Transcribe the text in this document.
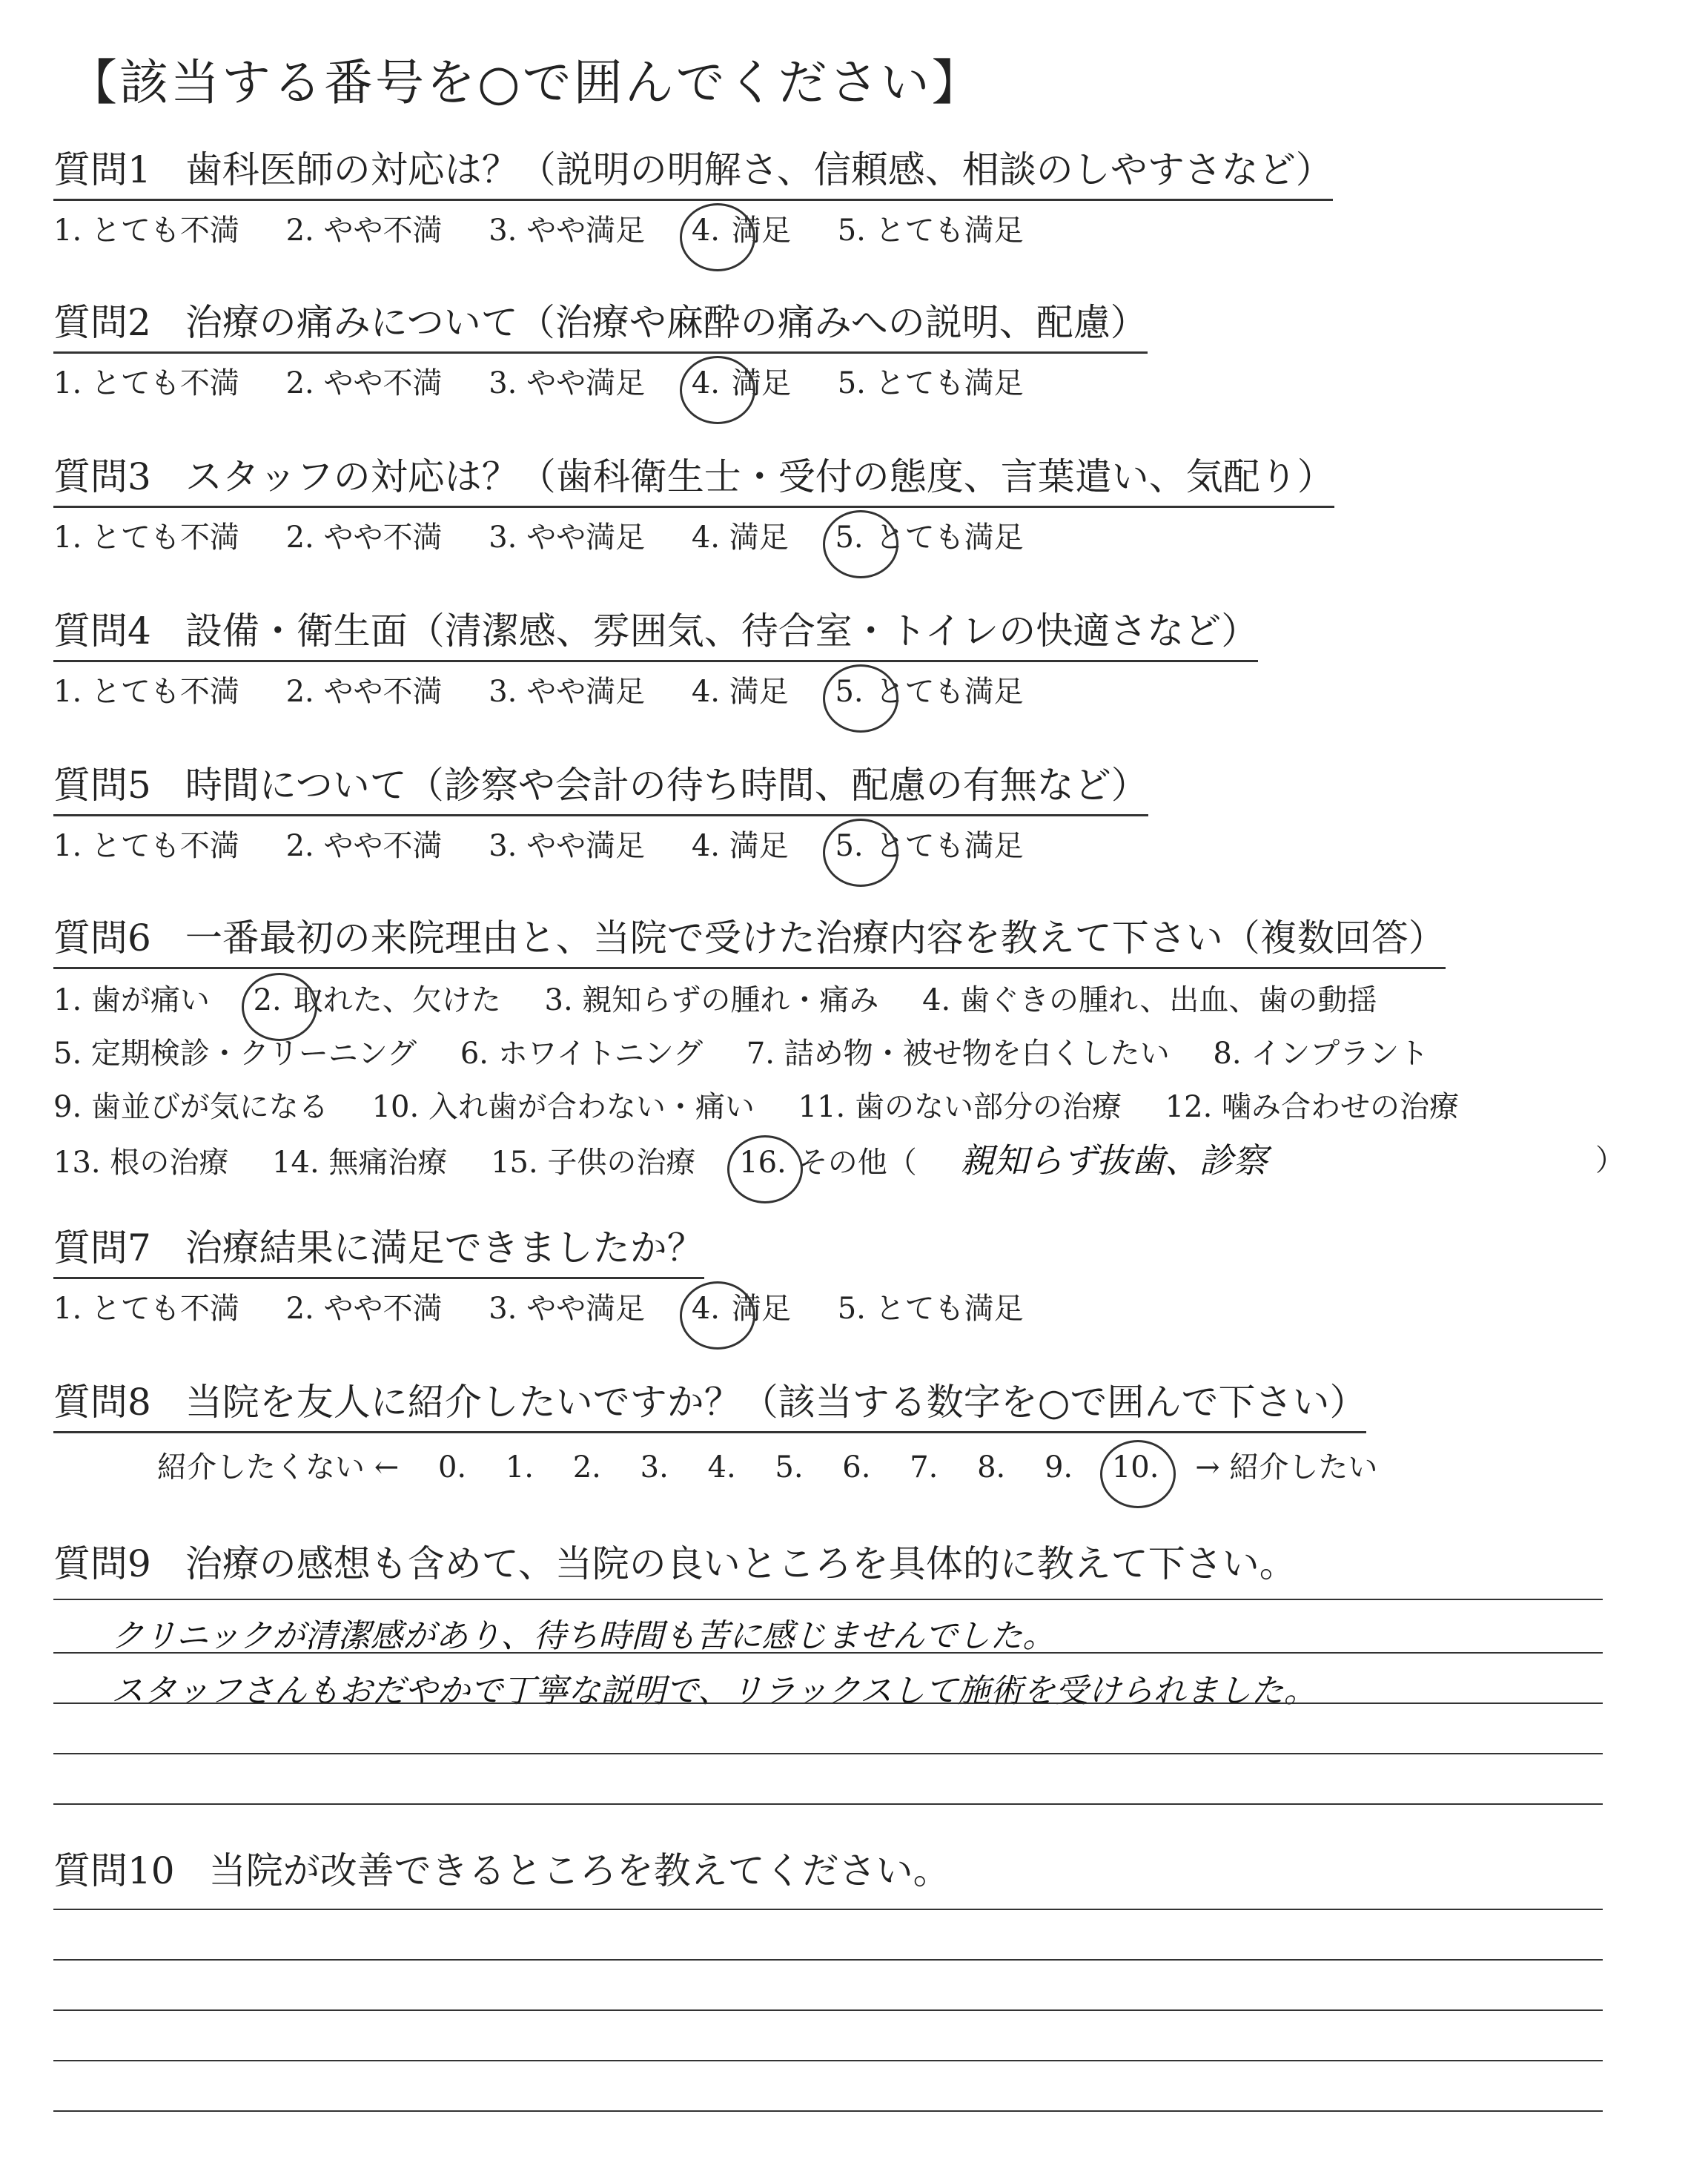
【該当する番号を○で囲んでください】
質問1 歯科医師の対応は？（説明の明解さ、信頼感、相談のしやすさなど）
1. とても不満 2. やや不満 3. やや満足 4. 満足 5. とても満足
質問2 治療の痛みについて（治療や麻酔の痛みへの説明、配慮）
1. とても不満 2. やや不満 3. やや満足 4. 満足 5. とても満足
質問3 スタッフの対応は？（歯科衛生士・受付の態度、言葉遣い、気配り）
1. とても不満 2. やや不満 3. やや満足 4. 満足 5. とても満足
質問4 設備・衛生面（清潔感、雰囲気、待合室・トイレの快適さなど）
1. とても不満 2. やや不満 3. やや満足 4. 満足 5. とても満足
質問5 時間について（診察や会計の待ち時間、配慮の有無など）
1. とても不満 2. やや不満 3. やや満足 4. 満足 5. とても満足
質問6 一番最初の来院理由と、当院で受けた治療内容を教えて下さい（複数回答）
1. 歯が痛い 2. 取れた、欠けた 3. 親知らずの腫れ・痛み 4. 歯ぐきの腫れ、出血、歯の動揺
5. 定期検診・クリーニング 6. ホワイトニング 7. 詰め物・被せ物を白くしたい 8. インプラント
9. 歯並びが気になる 10. 入れ歯が合わない・痛い 11. 歯のない部分の治療 12. 噛み合わせの治療
13. 根の治療 14. 無痛治療 15. 子供の治療 16. その他（ 親知らず抜歯、診察	）
質問7 治療結果に満足できましたか？
1. とても不満 2. やや不満 3. やや満足 4. 満足 5. とても満足
質問8 当院を友人に紹介したいですか？（該当する数字を○で囲んで下さい）
紹介したくない ← 0. 1. 2. 3. 4. 5. 6. 7. 8. 9. 10. → 紹介したい
質問9 治療の感想も含めて、当院の良いところを具体的に教えて下さい。
クリニックが清潔感があり、待ち時間も苦に感じませんでした。
スタッフさんもおだやかで丁寧な説明で、リラックスして施術を受けられました。
質問10 当院が改善できるところを教えてください。
